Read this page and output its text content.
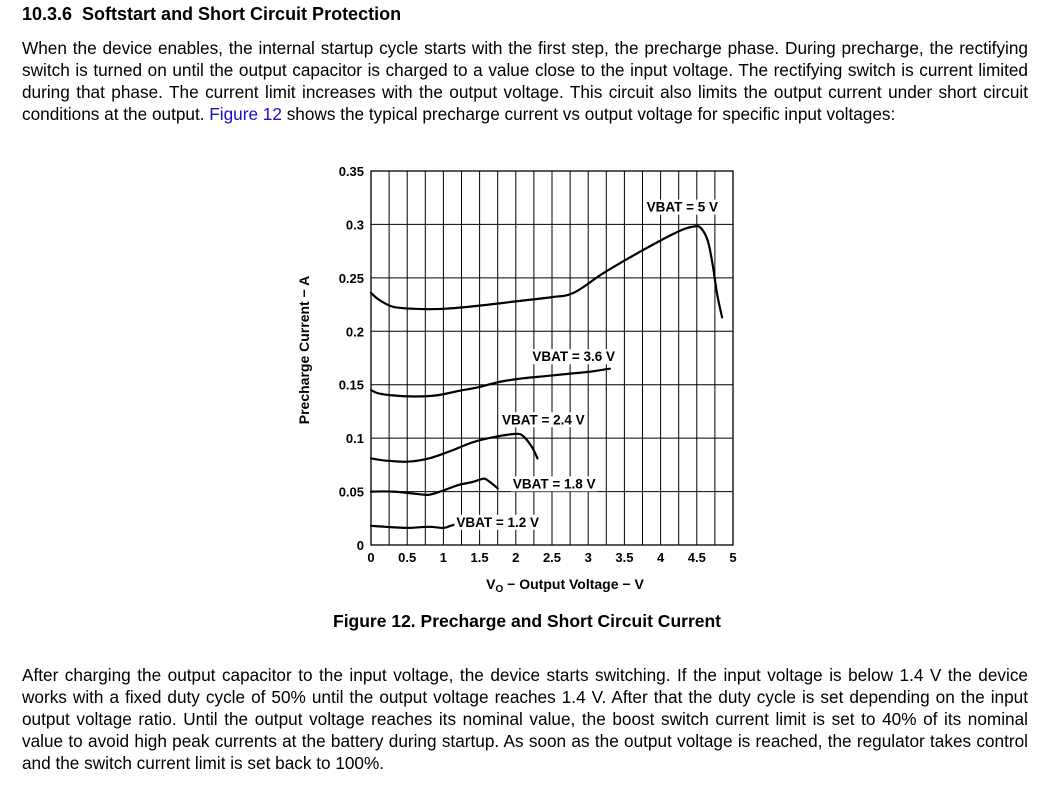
10.3.6 Softstart and Short Circuit Protection

When the device enables, the internal startup cycle starts with the first step, the precharge phase. During precharge, the rectifying switch is turned on until the output capacitor is charged to a value close to the input voltage. The rectifying switch is current limited during that phase. The current limit increases with the output voltage. This circuit also limits the output current under short circuit conditions at the output. Figure 12 shows the typical precharge current vs output voltage for specific input voltages:

0 0.5 1 1.5 2 2.5 3 3.5 4 4.5 5
0
0.05
0.1
0.15
0.2
0.25
0.3
0.35
VBAT = 5 V
VBAT = 3.6 V
VBAT = 2.4 V
VBAT = 1.8 V
VBAT = 1.2 V
Precharge Current − A
$V_O$ − Output Voltage − V

Figure 12. Precharge and Short Circuit Current

After charging the output capacitor to the input voltage, the device starts switching. If the input voltage is below 1.4 V the device works with a fixed duty cycle of 50% until the output voltage reaches 1.4 V. After that the duty cycle is set depending on the input output voltage ratio. Until the output voltage reaches its nominal value, the boost switch current limit is set to 40% of its nominal value to avoid high peak currents at the battery during startup. As soon as the output voltage is reached, the regulator takes control and the switch current limit is set back to 100%.
